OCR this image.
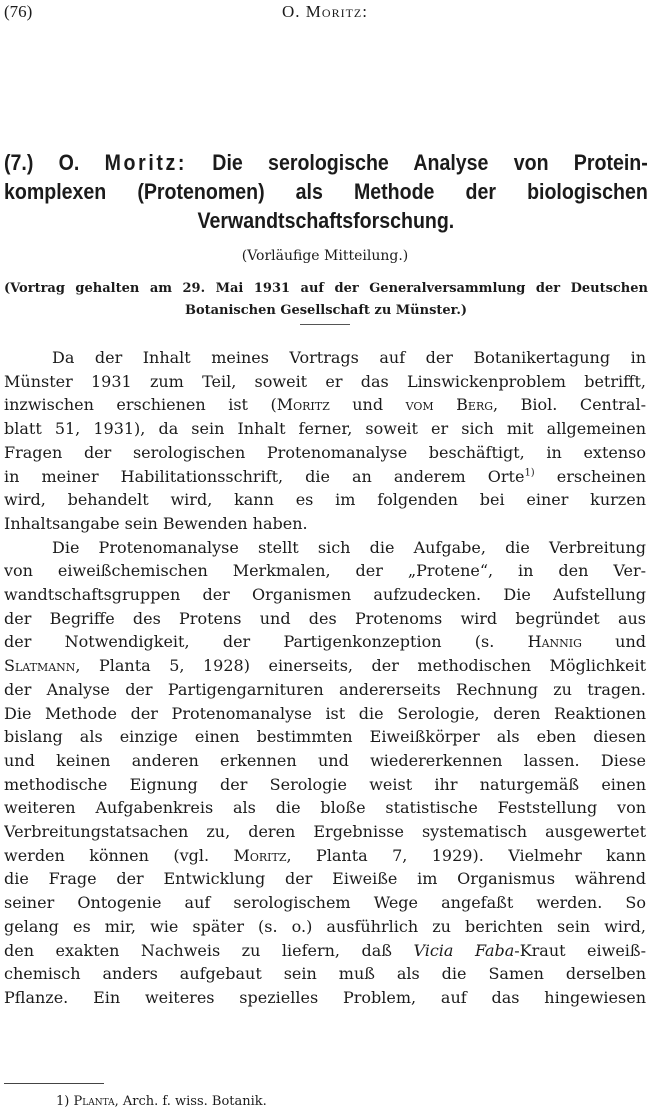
(76)	O. Moritz:
(7.) O. Moritz: Die serologische Analyse von Protein-
komplexen (Protenomen) als Methode der biologischen
Verwandtschaftsforschung.
(Vorläufige Mitteilung.)
(Vortrag gehalten am 29. Mai 1931 auf der Generalversammlung der Deutschen
Botanischen Gesellschaft zu Münster.)
Da der Inhalt meines Vortrags auf der Botanikertagung in
Münster 1931 zum Teil, soweit er das Linswickenproblem betrifft,
inzwischen erschienen ist (Moritz und vom Berg, Biol. Central-
blatt 51, 1931), da sein Inhalt ferner, soweit er sich mit allgemeinen
Fragen der serologischen Protenomanalyse beschäftigt, in extenso
in meiner Habilitationsschrift, die an anderem Orte$^{1)}$ erscheinen
wird, behandelt wird, kann es im folgenden bei einer kurzen
Inhaltsangabe sein Bewenden haben.
Die Protenomanalyse stellt sich die Aufgabe, die Verbreitung
von eiweißchemischen Merkmalen, der „Protene“, in den Ver-
wandtschaftsgruppen der Organismen aufzudecken. Die Aufstellung
der Begriffe des Protens und des Protenoms wird begründet aus
der Notwendigkeit, der Partigenkonzeption (s. Hannig und
Slatmann, Planta 5, 1928) einerseits, der methodischen Möglichkeit
der Analyse der Partigengarnituren andererseits Rechnung zu tragen.
Die Methode der Protenomanalyse ist die Serologie, deren Reaktionen
bislang als einzige einen bestimmten Eiweißkörper als eben diesen
und keinen anderen erkennen und wiedererkennen lassen. Diese
methodische Eignung der Serologie weist ihr naturgemäß einen
weiteren Aufgabenkreis als die bloße statistische Feststellung von
Verbreitungstatsachen zu, deren Ergebnisse systematisch ausgewertet
werden können (vgl. Moritz, Planta 7, 1929). Vielmehr kann
die Frage der Entwicklung der Eiweiße im Organismus während
seiner Ontogenie auf serologischem Wege angefaßt werden. So
gelang es mir, wie später (s. o.) ausführlich zu berichten sein wird,
den exakten Nachweis zu liefern, daß Vicia Faba-Kraut eiweiß-
chemisch anders aufgebaut sein muß als die Samen derselben
Pflanze. Ein weiteres spezielles Problem, auf das hingewiesen
1) Planta, Arch. f. wiss. Botanik.
